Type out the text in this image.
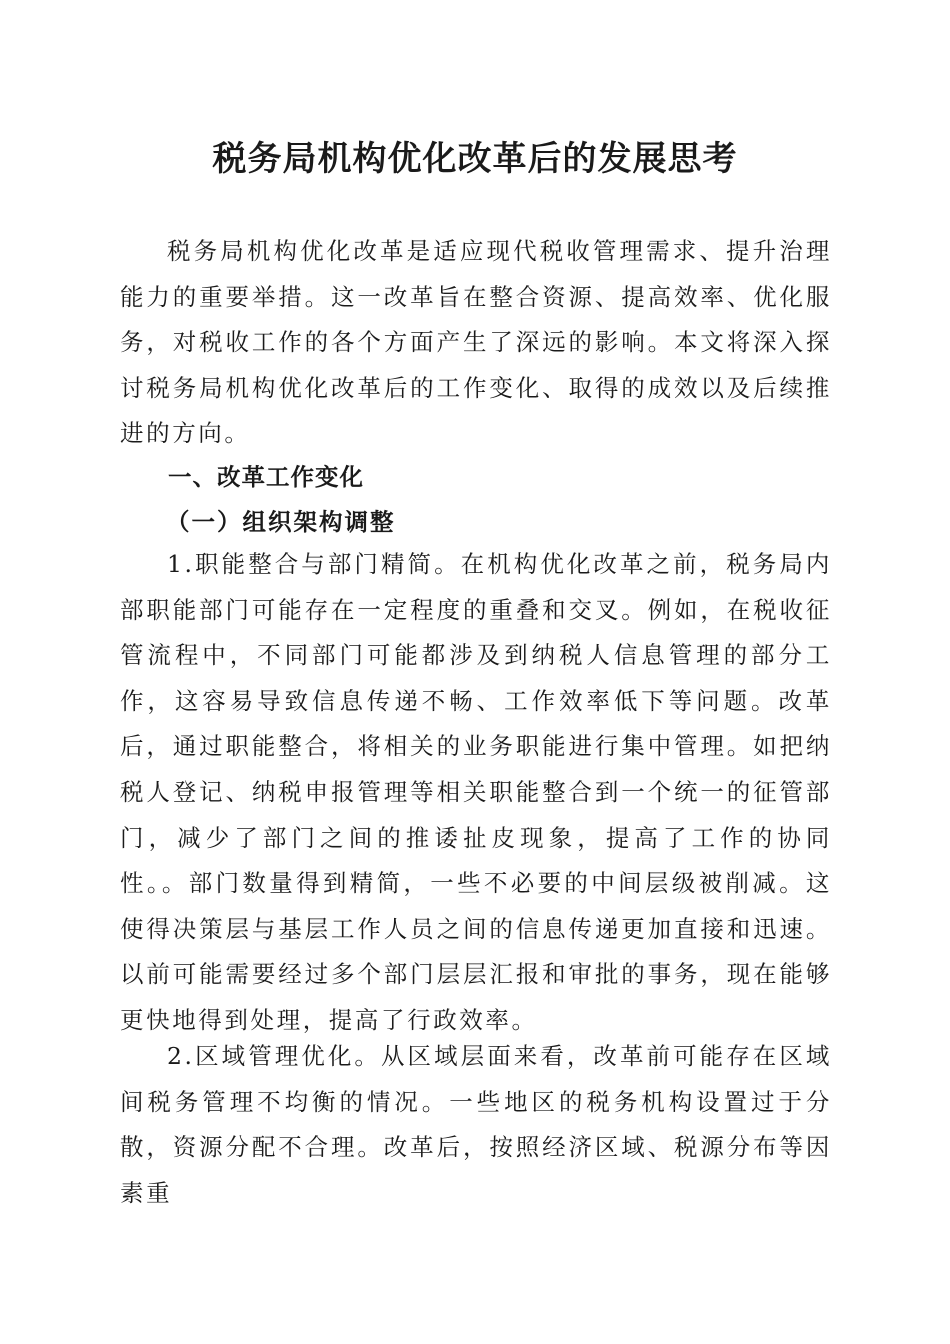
税务局机构优化改革后的发展思考

税务局机构优化改革是适应现代税收管理需求、提升治理能力的重要举措。这一改革旨在整合资源、提高效率、优化服务，对税收工作的各个方面产生了深远的影响。本文将深入探讨税务局机构优化改革后的工作变化、取得的成效以及后续推进的方向。

一、改革工作变化
（一）组织架构调整

1.职能整合与部门精简。在机构优化改革之前，税务局内部职能部门可能存在一定程度的重叠和交叉。例如，在税收征管流程中，不同部门可能都涉及到纳税人信息管理的部分工作，这容易导致信息传递不畅、工作效率低下等问题。改革后，通过职能整合，将相关的业务职能进行集中管理。如把纳税人登记、纳税申报管理等相关职能整合到一个统一的征管部门，减少了部门之间的推诿扯皮现象，提高了工作的协同性。。部门数量得到精简，一些不必要的中间层级被削减。这使得决策层与基层工作人员之间的信息传递更加直接和迅速。以前可能需要经过多个部门层层汇报和审批的事务，现在能够更快地得到处理，提高了行政效率。

2.区域管理优化。从区域层面来看，改革前可能存在区域间税务管理不均衡的情况。一些地区的税务机构设置过于分散，资源分配不合理。改革后，按照经济区域、税源分布等因素重
